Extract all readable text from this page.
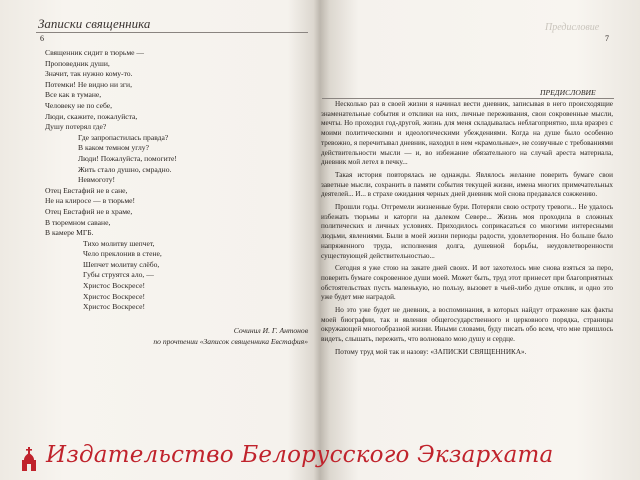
Записки священника
6
Священник сидит в тюрьме —
Проповедник души,
Значит, так нужно кому-то.
Потемки! Не видно ни зги,
Все как в тумане,
Человеку не по себе,
Люди, скажите, пожалуйста,
Душу потерял где?
Где запропастилась правда?
В каком темном углу?
Люди! Пожалуйста, помогите!
Жить стало душно, смрадно.
Невмоготу!
Отец Евстафий не в сане,
Не на клиросе — в тюрьме!
Отец Евстафий не в храме,
В тюремном саване,
В камере МГБ.
Тихо молитву шепчет,
Чело преклонив в стене,
Шепчет молитву слёбо,
Губы струятся ало, —
Христос Воскресе!
Христос Воскресе!
Христос Воскресе!
Сочинил И. Г. Антонов
по прочтении «Записок священника Евстафия»
Предисловие
7
ПРЕДИСЛОВИЕ

Несколько раз в своей жизни я начинал вести дневник, записывая в него происходящие знаменательные события и отклики на них, личные переживания, свои сокровенные мысли, мечты. Но проходил год-другой, жизнь для меня складывалась неблагоприятно, шла вразрез с моими политическими и идеологическими убеждениями. Когда на душе было особенно тревожно, я перечитывал дневник, находил в нем «крамольные», не созвучные с требованиями действительности мысли — и, во избежание обязательного на случай ареста материала, дневник мой летел в печку...

Такая история повторялась не однажды. Являлось желание поверить бумаге свои заветные мысли, сохранить в памяти события текущей жизни, имена многих примечательных деятелей... И... в страхе ожидания черных дней дневник мой снова предавался сожжению.

Прошли годы. Отгремели жизненные бури. Потеряли свою остроту тревоги... Не удалось избежать тюрьмы и каторги на далеком Севере... Жизнь моя проходила в сложных политических и личных условиях. Приходилось соприкасаться со многими интересными людьми, явлениями. Были в моей жизни периоды радости, удовлетворения. Но больше было напряженного труда, исполнения долга, душевной борьбы, неудовлетворенности существующей действительностью...

Сегодня я уже стою на закате дней своих. И вот захотелось мне снова взяться за перо, поверить бумаге сокровенное души моей. Может быть, труд этот принесет при благоприятных обстоятельствах пусть маленькую, но пользу, вызовет в чьей-либо душе отклик, и одно это уже будет мне наградой.

Но это уже будет не дневник, а воспоминания, в которых найдут отражение как факты моей биографии, так и явления общегосударственного и церковного порядка, страницы окружающей многообразной жизни. Иными словами, буду писать обо всем, что мне пришлось видеть, слышать, пережить, что волновало мою душу и сердце.

Потому труд мой так и назову: «ЗАПИСКИ СВЯЩЕННИКА».

Издательство Белорусского Экзархата
